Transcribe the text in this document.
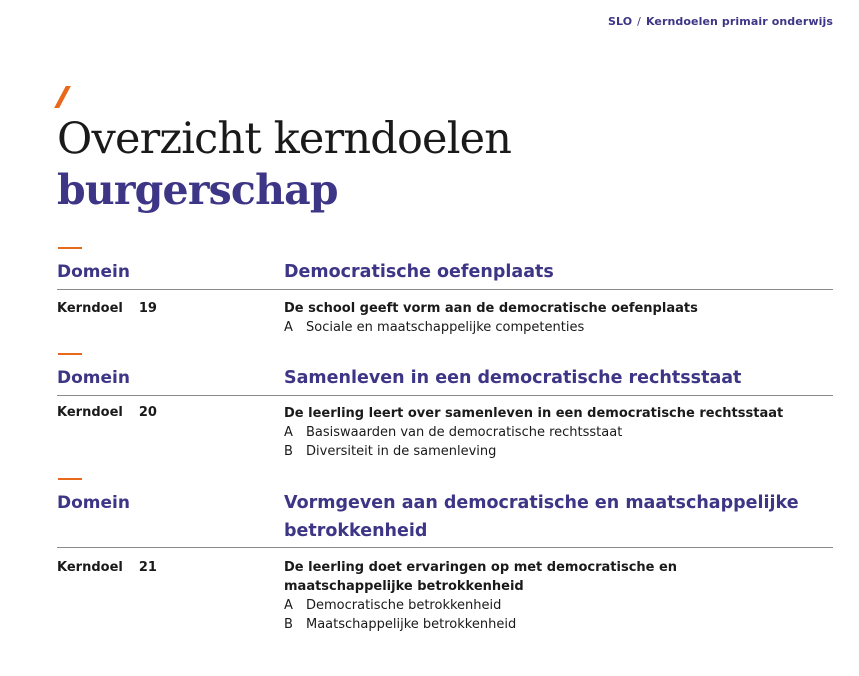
SLO / Kerndoelen primair onderwijs
Overzicht kerndoelen
burgerschap
Domein	Democratische oefenplaats
Kerndoel 19	De school geeft vorm aan de democratische oefenplaats
A Sociale en maatschappelijke competenties
Domein	Samenleven in een democratische rechtsstaat
Kerndoel 20	De leerling leert over samenleven in een democratische rechtsstaat
A Basiswaarden van de democratische rechtsstaat
B Diversiteit in de samenleving
Domein	Vormgeven aan democratische en maatschappelijke betrokkenheid
Kerndoel 21	De leerling doet ervaringen op met democratische en maatschappelijke betrokkenheid
A Democratische betrokkenheid
B Maatschappelijke betrokkenheid
